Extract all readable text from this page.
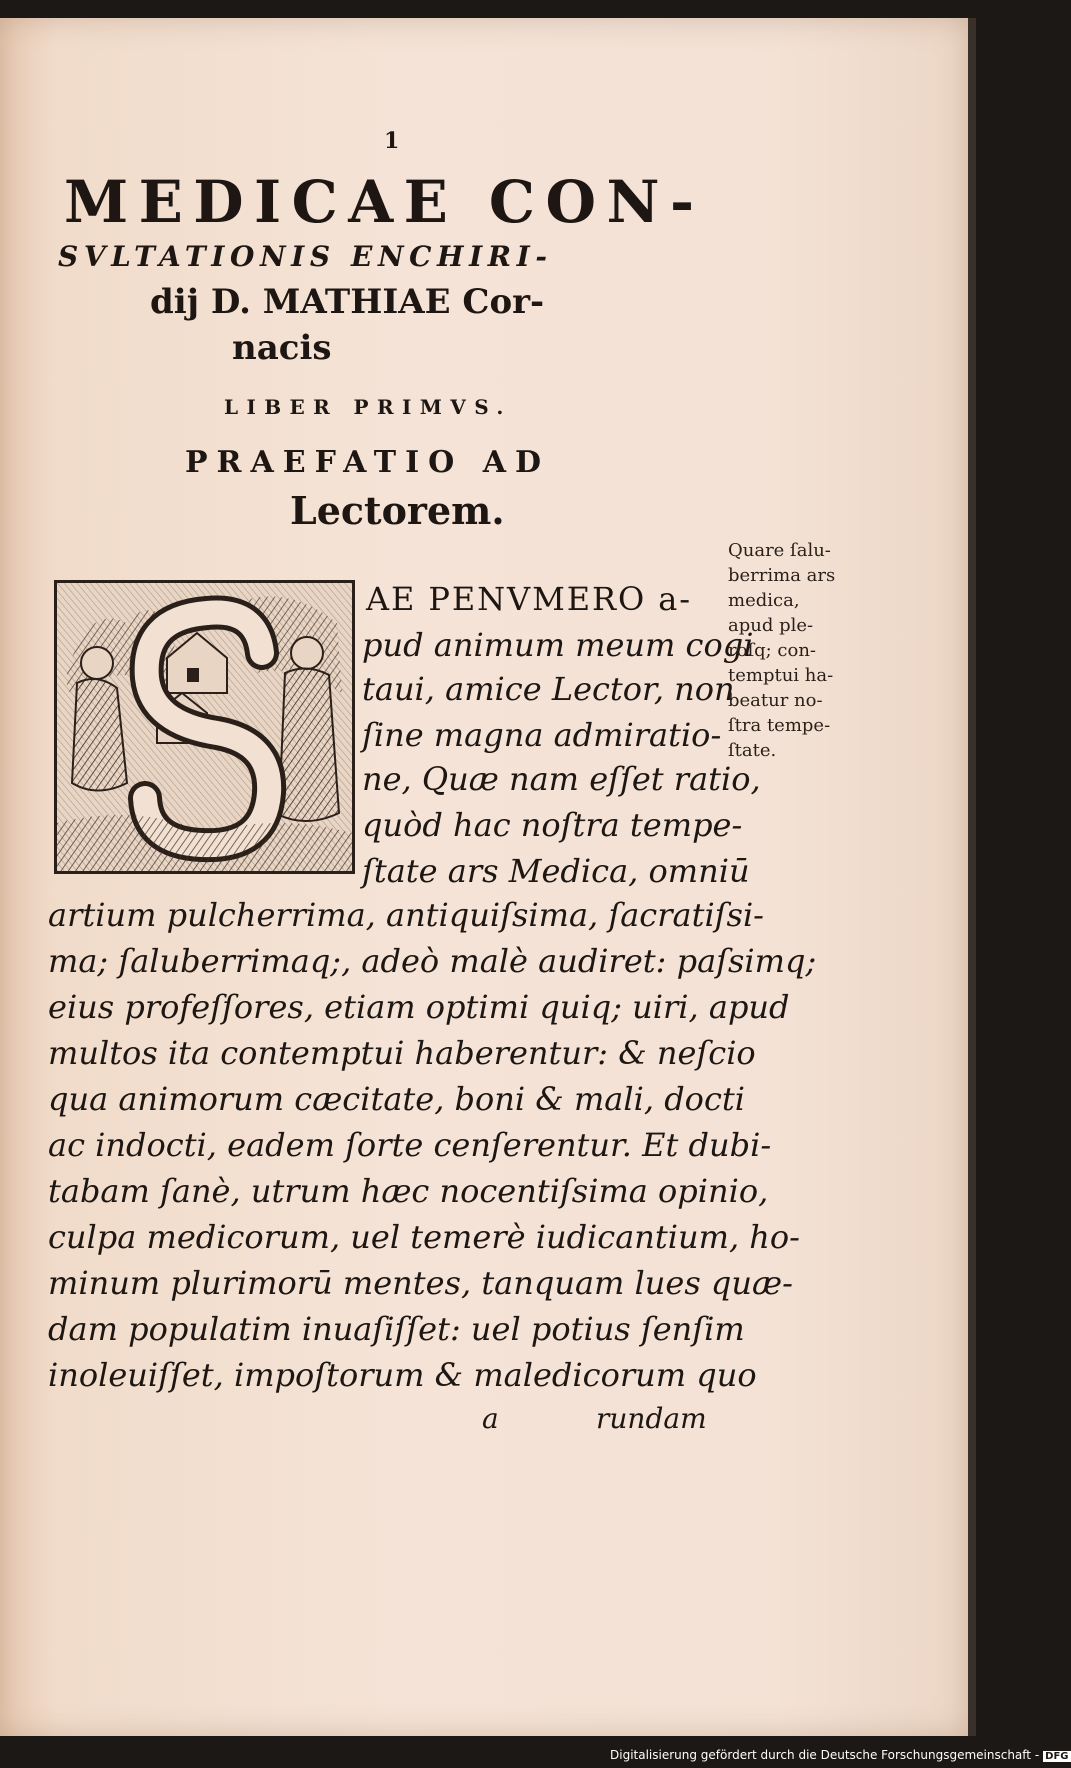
1
MEDICAE CON-
SVLTATIONIS ENCHIRI-
dij D. MATHIAE Cor-
nacis
LIBER PRIMVS.
PRAEFATIO AD
Lectorem.
AE PENVMERO a-
pud animum meum cogi
taui, amice Lector, non
ſine magna admiratio-
ne, Quæ nam eſſet ratio,
quòd hac noſtra tempe-
ſtate ars Medica, omniū
artium pulcherrima, antiquiſsima, ſacratiſsi-
ma; ſaluberrimaq;, adeò malè audiret: paſsimq;
eius profeſſores, etiam optimi quiq; uiri, apud
multos ita contemptui haberentur: & neſcio
qua animorum cæcitate, boni & mali, docti
ac indocti, eadem ſorte cenſerentur. Et dubi-
tabam ſanè, utrum hæc nocentiſsima opinio,
culpa medicorum, uel temerè iudicantium, ho-
minum plurimorū mentes, tanquam lues quæ-
dam populatim inuaſiſſet: uel potius ſenſim
inoleuiſſet, impoſtorum & maledicorum quo
a	rundam
Quare ſalu-
berrima ars
medica,
apud ple-
roſq; con-
temptui ha-
beatur no-
ſtra tempe-
ſtate.
Digitalisierung gefördert durch die Deutsche Forschungsgemeinschaft - DFG
